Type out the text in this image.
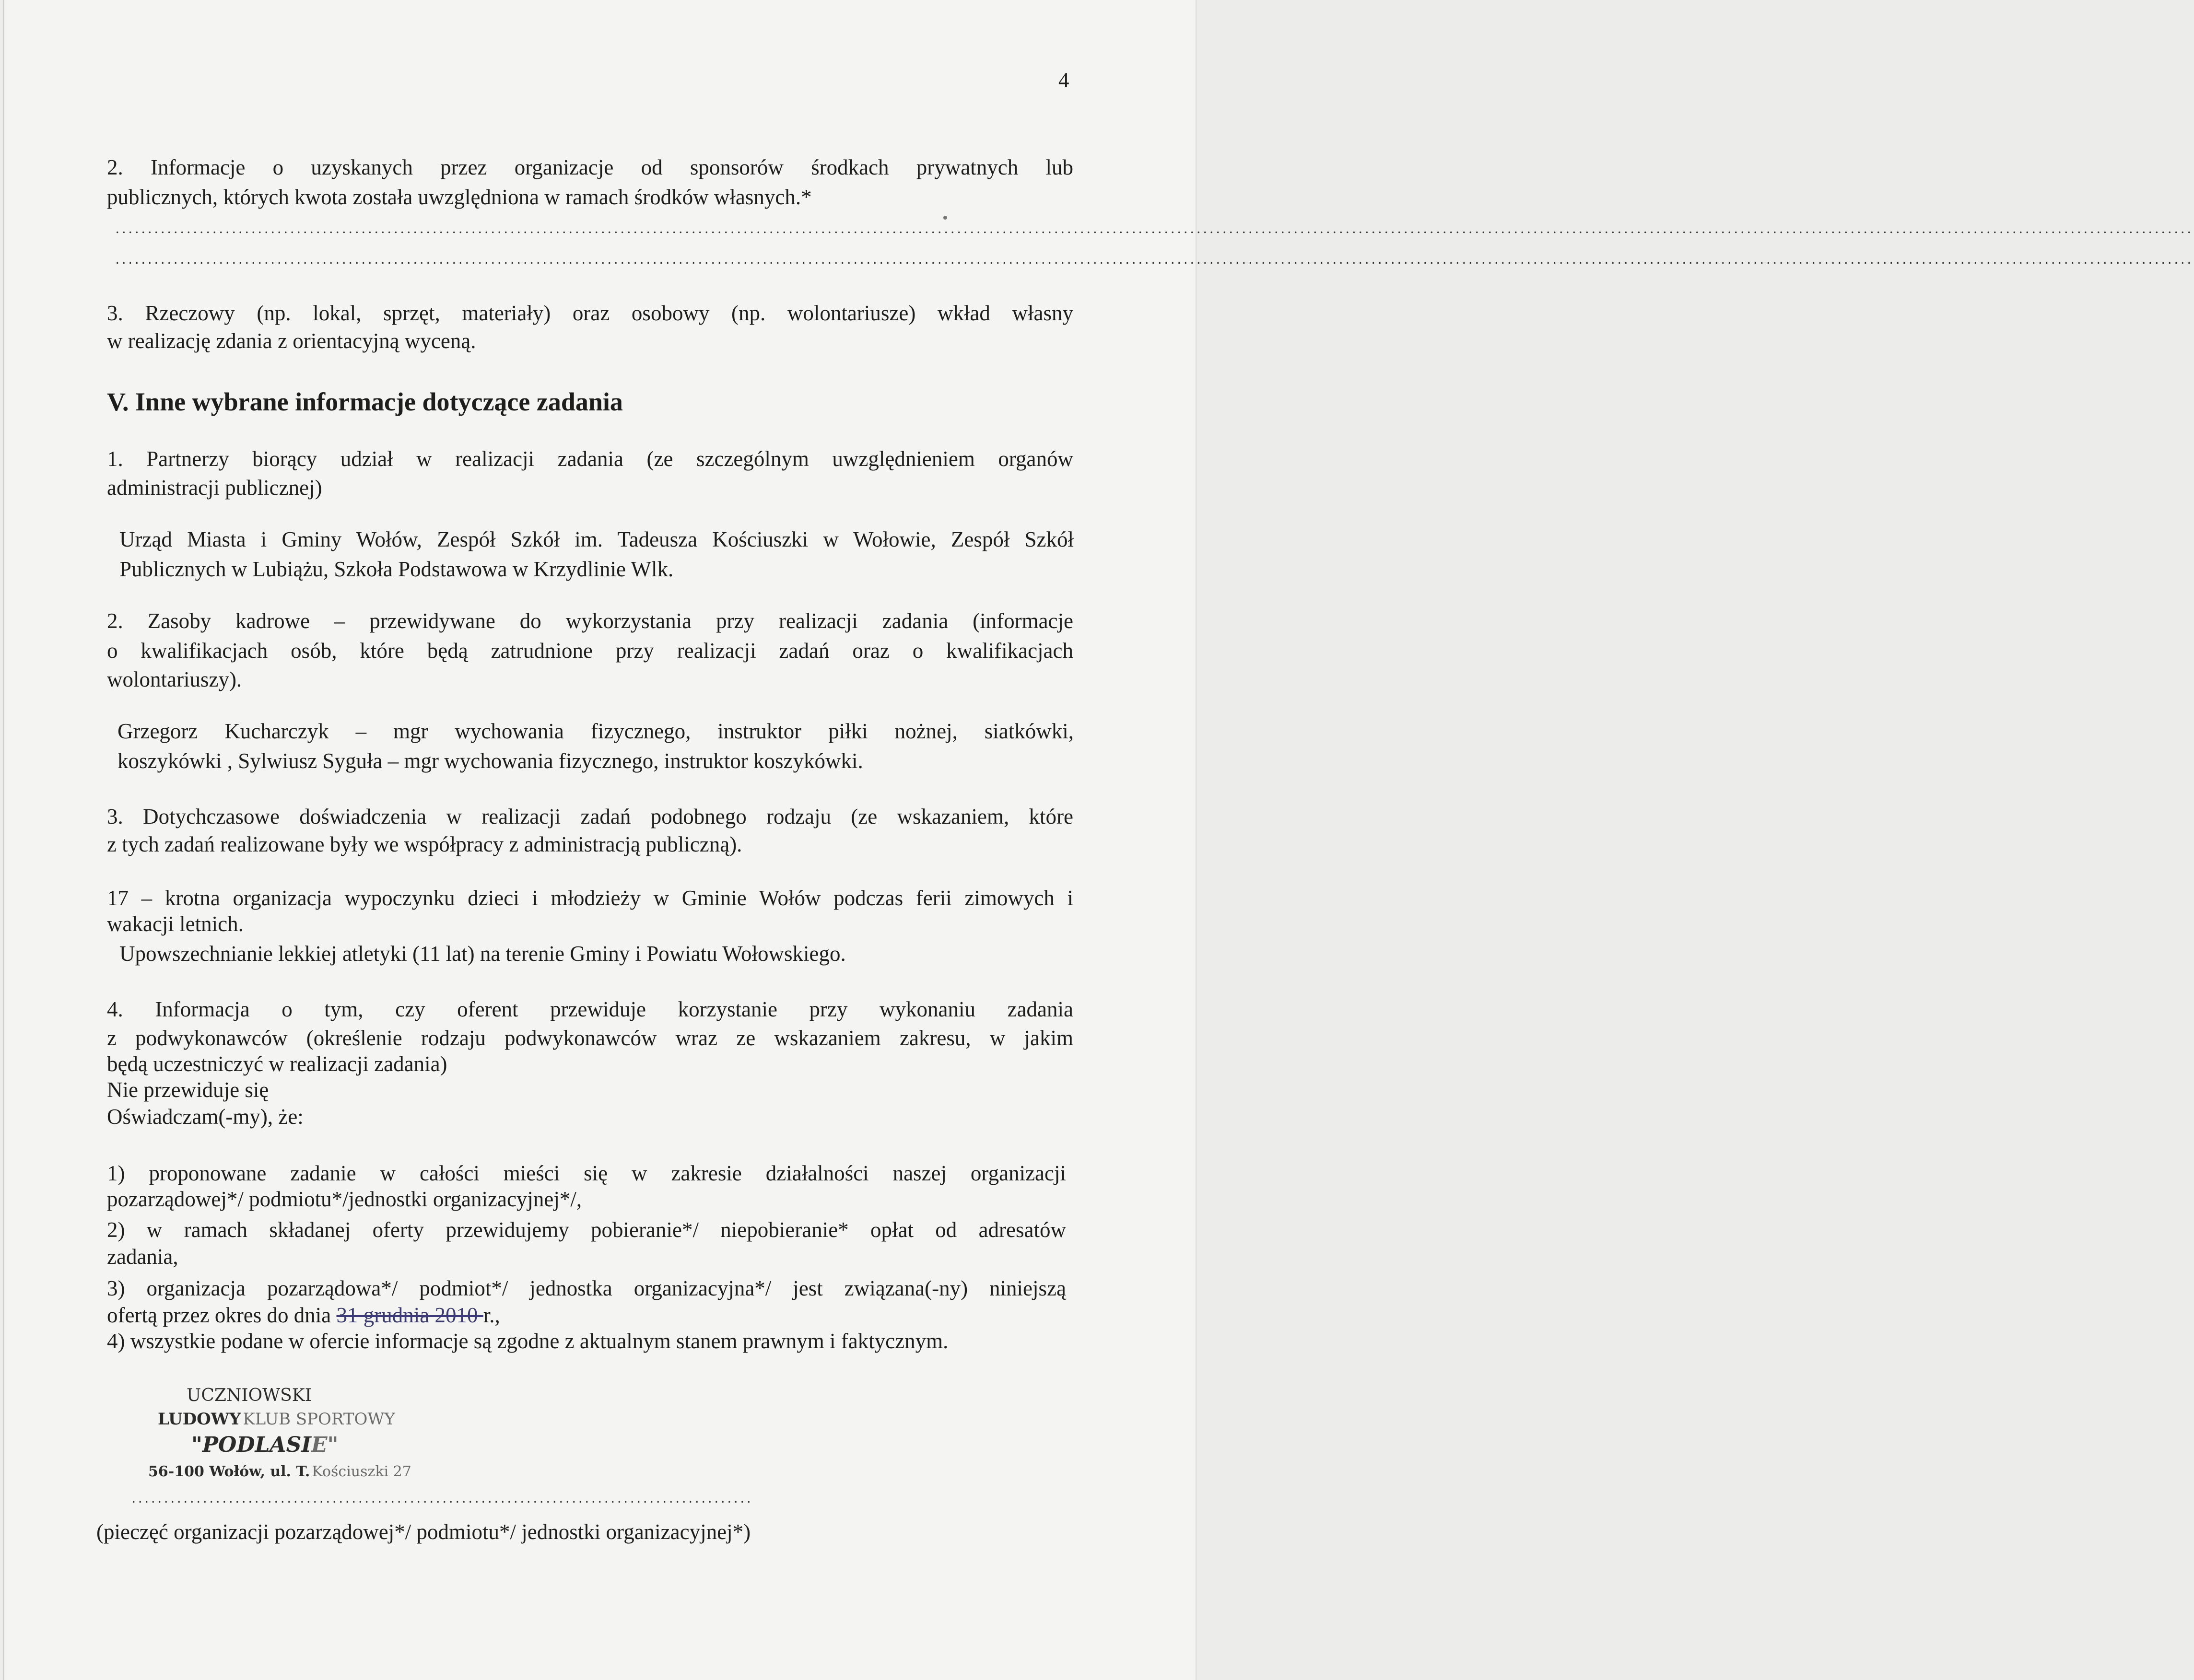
4
2. Informacje o uzyskanych przez organizacje od sponsorów środkach prywatnych lub
publicznych, których kwota została uwzględniona w ramach środków własnych.*
.................................................................................................................................................................................................................................................................................................................................
.................................................................................................................................................................................................................................................................................................................................
3. Rzeczowy (np. lokal, sprzęt, materiały) oraz osobowy (np. wolontariusze) wkład własny
w realizację zdania z orientacyjną wyceną.
V. Inne wybrane informacje dotyczące zadania
1. Partnerzy biorący udział w realizacji zadania (ze szczególnym uwzględnieniem organów
administracji publicznej)
Urząd Miasta i Gminy Wołów, Zespół Szkół im. Tadeusza Kościuszki w Wołowie, Zespół Szkół
Publicznych w Lubiążu, Szkoła Podstawowa w Krzydlinie Wlk.
2. Zasoby kadrowe – przewidywane do wykorzystania przy realizacji zadania (informacje
o kwalifikacjach osób, które będą zatrudnione przy realizacji zadań oraz o kwalifikacjach
wolontariuszy).
Grzegorz Kucharczyk – mgr wychowania fizycznego, instruktor piłki nożnej, siatkówki,
koszykówki , Sylwiusz Syguła – mgr wychowania fizycznego, instruktor koszykówki.
3. Dotychczasowe doświadczenia w realizacji zadań podobnego rodzaju (ze wskazaniem, które
z tych zadań realizowane były we współpracy z administracją publiczną).
17 – krotna organizacja wypoczynku dzieci i młodzieży w Gminie Wołów podczas ferii zimowych i
wakacji letnich.
Upowszechnianie lekkiej atletyki (11 lat) na terenie Gminy i Powiatu Wołowskiego.
4. Informacja o tym, czy oferent przewiduje korzystanie przy wykonaniu zadania
z podwykonawców (określenie rodzaju podwykonawców wraz ze wskazaniem zakresu, w jakim
będą uczestniczyć w realizacji zadania)
Nie przewiduje się
Oświadczam(-my), że:
1) proponowane zadanie w całości mieści się w zakresie działalności naszej organizacji
pozarządowej*/ podmiotu*/jednostki organizacyjnej*/,
2) w ramach składanej oferty przewidujemy pobieranie*/ niepobieranie* opłat od adresatów
zadania,
3) organizacja pozarządowa*/ podmiot*/ jednostka organizacyjna*/ jest związana(-ny) niniejszą
ofertą przez okres do dnia 31 grudnia 2010 r.,
4) wszystkie podane w ofercie informacje są zgodne z aktualnym stanem prawnym i faktycznym.
UCZNIOWSKI
LUDOWY KLUB SPORTOWY
"PODLASIE"
56-100 Wołów, ul. T. Kościuszki 27
................................................................................................
(pieczęć organizacji pozarządowej*/ podmiotu*/ jednostki organizacyjnej*)
